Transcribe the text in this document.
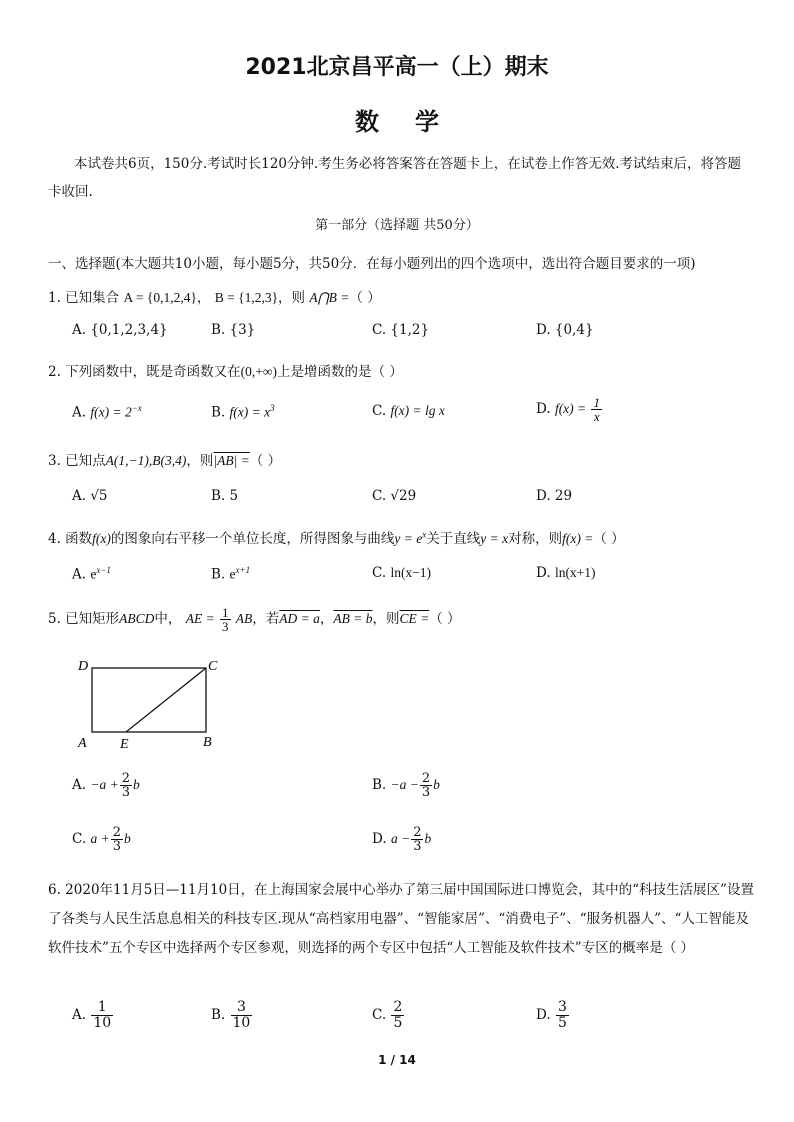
2021北京昌平高一（上）期末
数学
本试卷共6页，150分.考试时长120分钟.考生务必将答案答在答题卡上，在试卷上作答无效.考试结束后，将答题卡收回.
第一部分（选择题 共50分）
一、选择题(本大题共10小题，每小题5分，共50分．在每小题列出的四个选项中，选出符合题目要求的一项)
1. 已知集合 A = {0,1,2,4}， B = {1,2,3}，则 A⋂B =（ ）
A. {0,1,2,3,4}	B. {3}	C. {1,2}	D. {0,4}
2. 下列函数中，既是奇函数又在(0,+∞)上是增函数的是（ ）
A. $f(x) = 2^{-x}$	B. $f(x) = x^3$	C. f(x) = lg x	D. $f(x) = \frac{1}{x}$
3. 已知点A(1,−1),B(3,4)，则|AB| =（ ）
A. √5	B. 5	C. √29	D. 29
4. 函数f(x)的图象向右平移一个单位长度，所得图象与曲线$y = e^x$关于直线y = x对称，则f(x) =（ ）
A. $e^{x-1}$	B. $e^{x+1}$	C. ln(x−1)	D. ln(x+1)
5. 已知矩形ABCD中， AE = $\frac{1}{3}$ AB，若AD = a，AB = b，则CE =（ ）
D	C
A E	B
A. $-a + \frac{2}{3}$ b	B. $-a - \frac{2}{3}$ b
C. $a + \frac{2}{3}$ b	D. $a - \frac{2}{3}$ b
6. 2020年11月5日—11月10日，在上海国家会展中心举办了第三届中国国际进口博览会，其中的“科技生活展区”设置了各类与人民生活息息相关的科技专区.现从“高档家用电器”、“智能家居”、“消费电子”、“服务机器人”、“人工智能及软件技术”五个专区中选择两个专区参观，则选择的两个专区中包括“人工智能及软件技术”专区的概率是（ ）
A. $\frac{1}{10}$	B. $\frac{3}{10}$	C. $\frac{2}{5}$	D. $\frac{3}{5}$
1 / 14
